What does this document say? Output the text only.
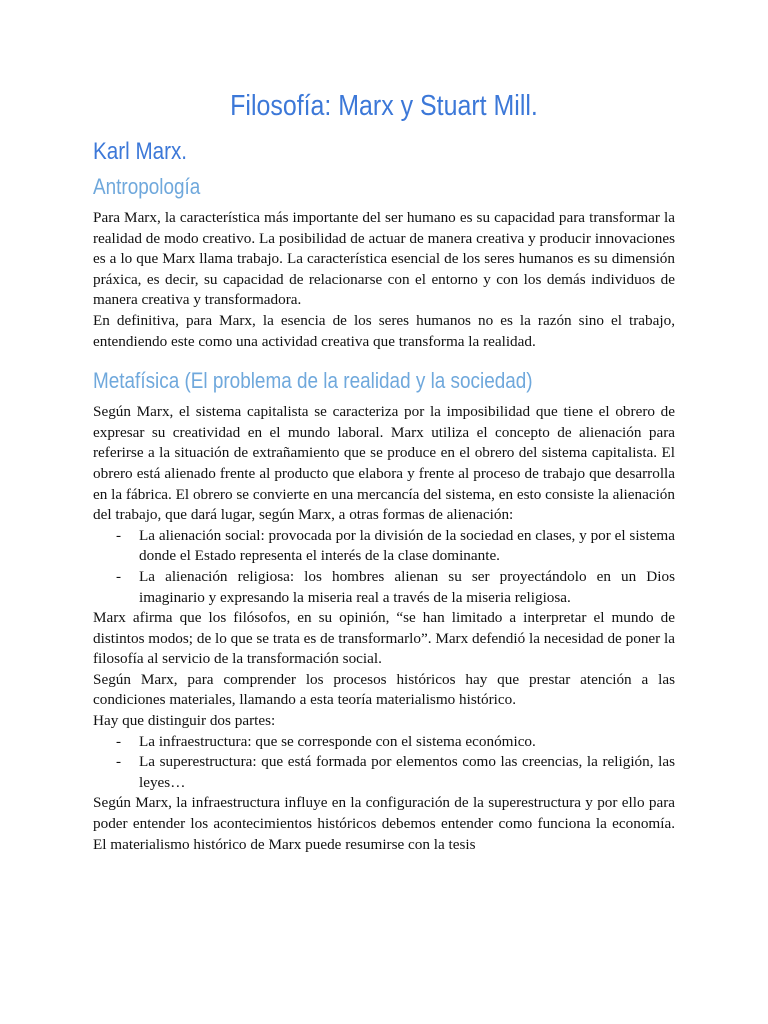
Filosofía: Marx y Stuart Mill.
Karl Marx.
Antropología

Para Marx, la característica más importante del ser humano es su capacidad para transformar la realidad de modo creativo. La posibilidad de actuar de manera creativa y producir innovaciones es a lo que Marx llama trabajo. La característica esencial de los seres humanos es su dimensión práxica, es decir, su capacidad de relacionarse con el entorno y con los demás individuos de manera creativa y transformadora.

En definitiva, para Marx, la esencia de los seres humanos no es la razón sino el trabajo, entendiendo este como una actividad creativa que transforma la realidad.

Metafísica (El problema de la realidad y la sociedad)

Según Marx, el sistema capitalista se caracteriza por la imposibilidad que tiene el obrero de expresar su creatividad en el mundo laboral. Marx utiliza el concepto de alienación para referirse a la situación de extrañamiento que se produce en el obrero del sistema capitalista. El obrero está alienado frente al producto que elabora y frente al proceso de trabajo que desarrolla en la fábrica. El obrero se convierte en una mercancía del sistema, en esto consiste la alienación del trabajo, que dará lugar, según Marx, a otras formas de alienación:

-	La alienación social: provocada por la división de la sociedad en clases, y por el sistema donde el Estado representa el interés de la clase dominante.
-	La alienación religiosa: los hombres alienan su ser proyectándolo en un Dios imaginario y expresando la miseria real a través de la miseria religiosa.

Marx afirma que los filósofos, en su opinión, “se han limitado a interpretar el mundo de distintos modos; de lo que se trata es de transformarlo”. Marx defendió la necesidad de poner la filosofía al servicio de la transformación social.

Según Marx, para comprender los procesos históricos hay que prestar atención a las condiciones materiales, llamando a esta teoría materialismo histórico.

Hay que distinguir dos partes:

-	La infraestructura: que se corresponde con el sistema económico.
-	La superestructura: que está formada por elementos como las creencias, la religión, las leyes…

Según Marx, la infraestructura influye en la configuración de la superestructura y por ello para poder entender los acontecimientos históricos debemos entender como funciona la economía. El materialismo histórico de Marx puede resumirse con la tesis
